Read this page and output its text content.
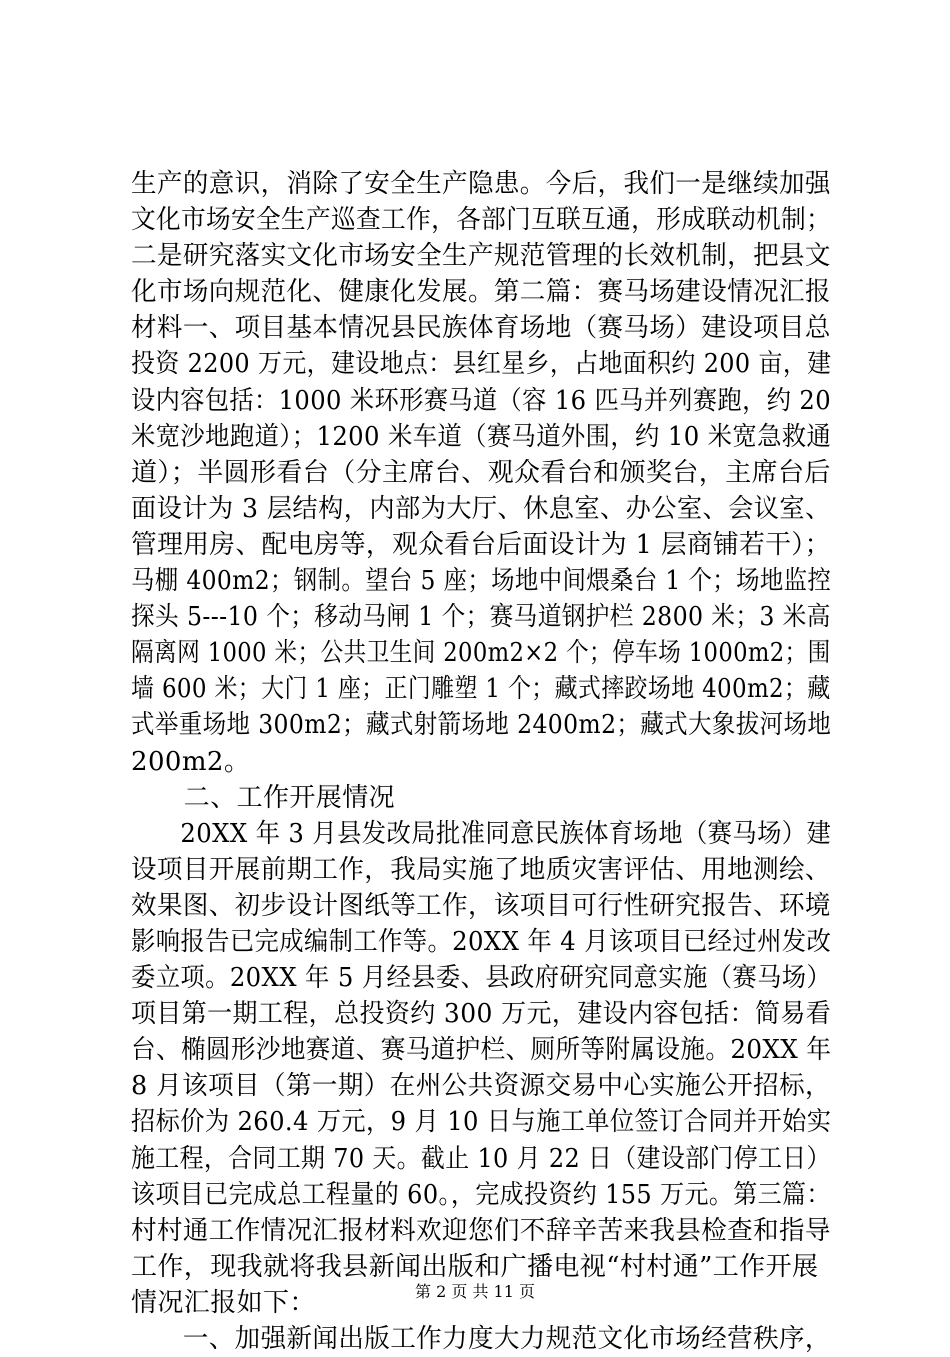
生产的意识，消除了安全生产隐患。今后，我们一是继续加强
文化市场安全生产巡查工作，各部门互联互通，形成联动机制；
二是研究落实文化市场安全生产规范管理的长效机制，把县文
化市场向规范化、健康化发展。第二篇：赛马场建设情况汇报
材料一、项目基本情况县民族体育场地（赛马场）建设项目总
投资 2200 万元，建设地点：县红星乡，占地面积约 200 亩，建
设内容包括：1000 米环形赛马道（容 16 匹马并列赛跑，约 20
米宽沙地跑道）；1200 米车道（赛马道外围，约 10 米宽急救通
道）；半圆形看台（分主席台、观众看台和颁奖台，主席台后
面设计为 3 层结构，内部为大厅、休息室、办公室、会议室、
管理用房、配电房等，观众看台后面设计为 1 层商铺若干）；
马棚 400m2；钢制。望台 5 座；场地中间煨桑台 1 个；场地监控
探头 5---10 个；移动马闸 1 个；赛马道钢护栏 2800 米；3 米高
隔离网 1000 米；公共卫生间 200m2×2 个；停车场 1000m2；围
墙 600 米；大门 1 座；正门雕塑 1 个；藏式摔跤场地 400m2；藏
式举重场地 300m2；藏式射箭场地 2400m2；藏式大象拔河场地
200m2。
　　二、工作开展情况
　　20XX 年 3 月县发改局批准同意民族体育场地（赛马场）建
设项目开展前期工作，我局实施了地质灾害评估、用地测绘、
效果图、初步设计图纸等工作，该项目可行性研究报告、环境
影响报告已完成编制工作等。20XX 年 4 月该项目已经过州发改
委立项。20XX 年 5 月经县委、县政府研究同意实施（赛马场）
项目第一期工程，总投资约 300 万元，建设内容包括：简易看
台、椭圆形沙地赛道、赛马道护栏、厕所等附属设施。20XX 年
8 月该项目（第一期）在州公共资源交易中心实施公开招标，
招标价为 260.4 万元，9 月 10 日与施工单位签订合同并开始实
施工程，合同工期 70 天。截止 10 月 22 日（建设部门停工日）
该项目已完成总工程量的 60。，完成投资约 155 万元。第三篇：
村村通工作情况汇报材料欢迎您们不辞辛苦来我县检查和指导
工作，现我就将我县新闻出版和广播电视“村村通”工作开展
情况汇报如下：
　　一、加强新闻出版工作力度大力规范文化市场经营秩序，
第 2 页 共 11 页
